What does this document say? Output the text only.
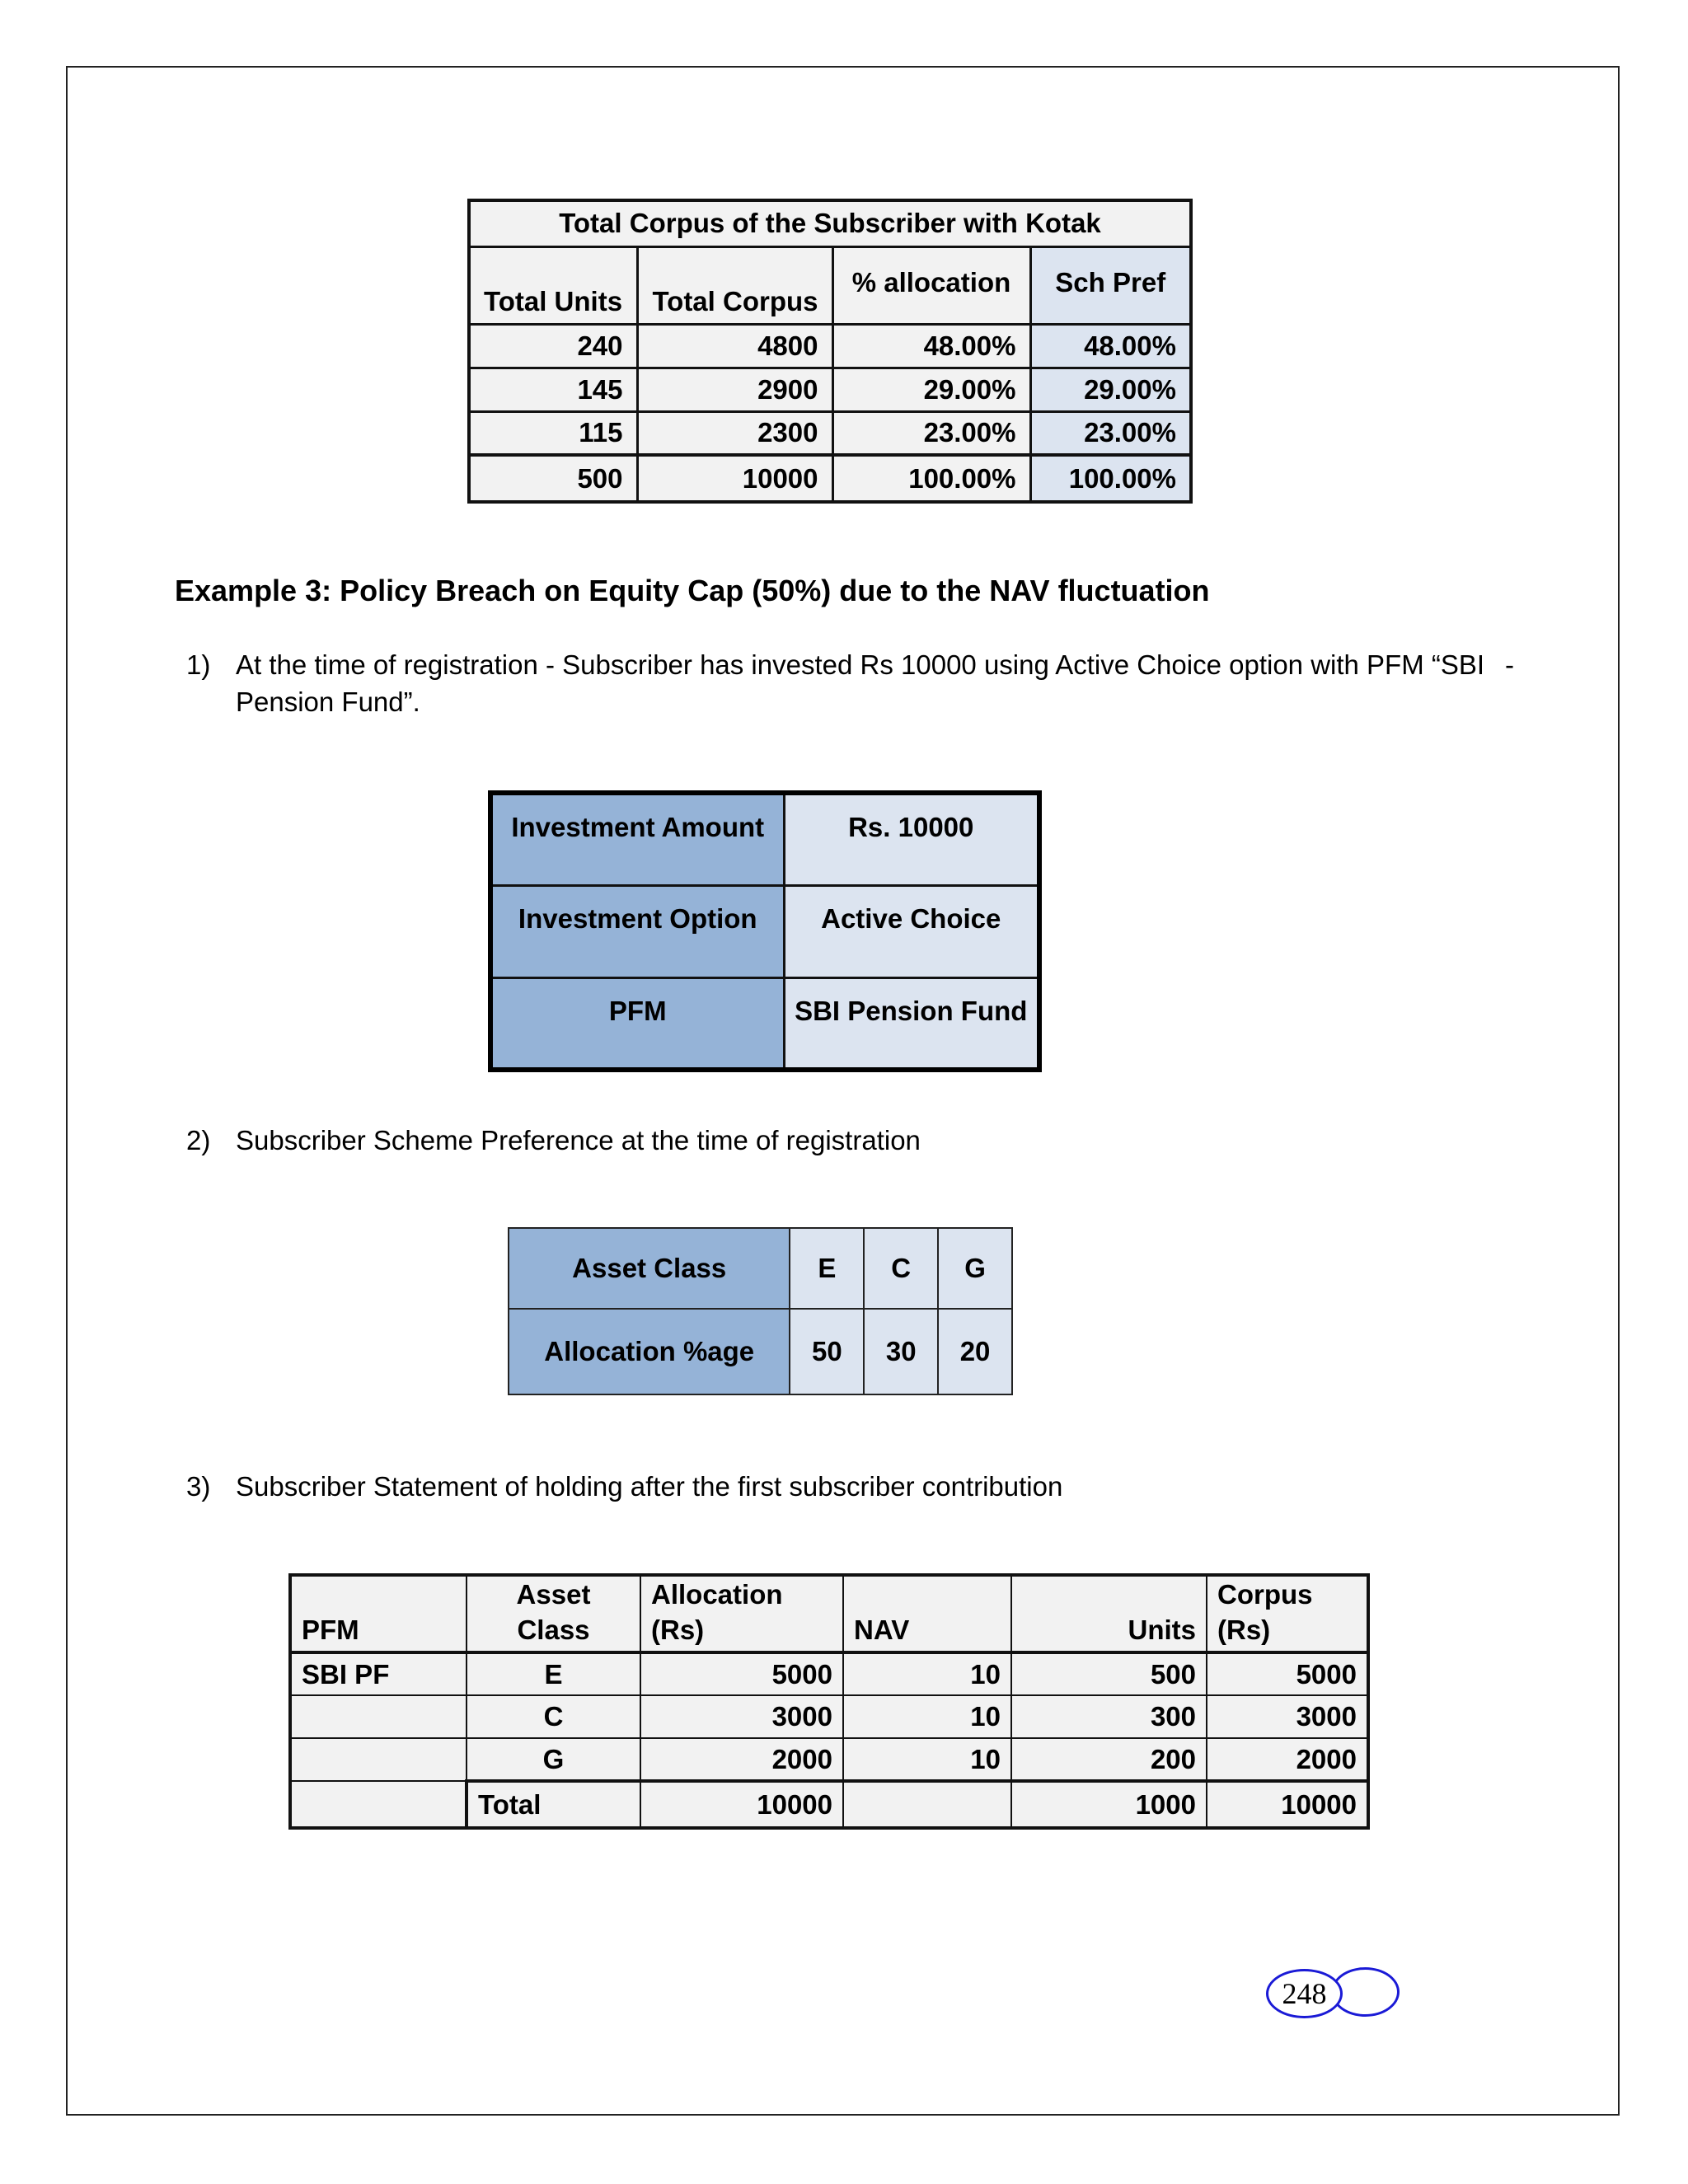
Total Corpus of the Subscriber with Kotak			
Total Units	Total Corpus	% allocation	Sch Pref
240	4800	48.00%	48.00%
145	2900	29.00%	29.00%
115	2300	23.00%	23.00%
500	10000	100.00%	100.00%
Example 3: Policy Breach on Equity Cap (50%) due to the NAV fluctuation
1) At the time of registration - Subscriber has invested Rs 10000 using Active Choice option with PFM “SBI Pension Fund”.
-
Investment Amount	Rs. 10000
Investment Option	Active Choice
PFM	SBI Pension Fund
2) Subscriber Scheme Preference at the time of registration
Asset Class	E	C	G
Allocation %age	50	30	20
3) Subscriber Statement of holding after the first subscriber contribution
PFM	Asset Class	Allocation (Rs)	NAV	Units	Corpus (Rs)
SBI PF	E	5000	10	500	5000
	C	3000	10	300	3000
	G	2000	10	200	2000
	Total	10000		1000	10000
248
